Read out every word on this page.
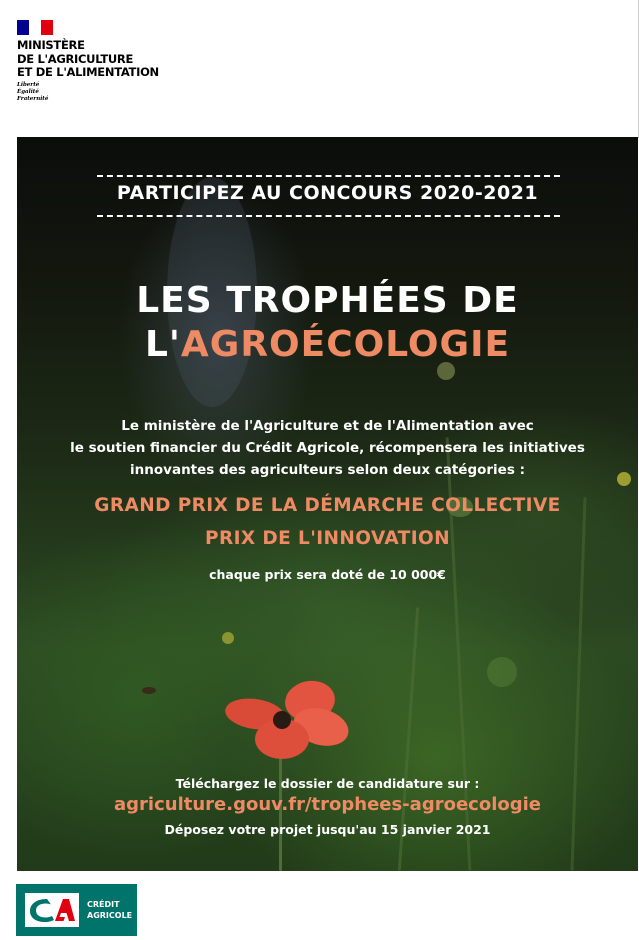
MINISTÈRE
DE L'AGRICULTURE
ET DE L'ALIMENTATION
Liberté
Égalité
Fraternité
PARTICIPEZ AU CONCOURS 2020-2021
LES TROPHÉES DE
L'AGROÉCOLOGIE
Le ministère de l'Agriculture et de l'Alimentation avec
le soutien financier du Crédit Agricole, récompensera les initiatives
innovantes des agriculteurs selon deux catégories :
GRAND PRIX DE LA DÉMARCHE COLLECTIVE
PRIX DE L'INNOVATION
chaque prix sera doté de 10 000€
Téléchargez le dossier de candidature sur :
agriculture.gouv.fr/trophees-agroecologie
Déposez votre projet jusqu'au 15 janvier 2021
CRÉDIT
AGRICOLE
